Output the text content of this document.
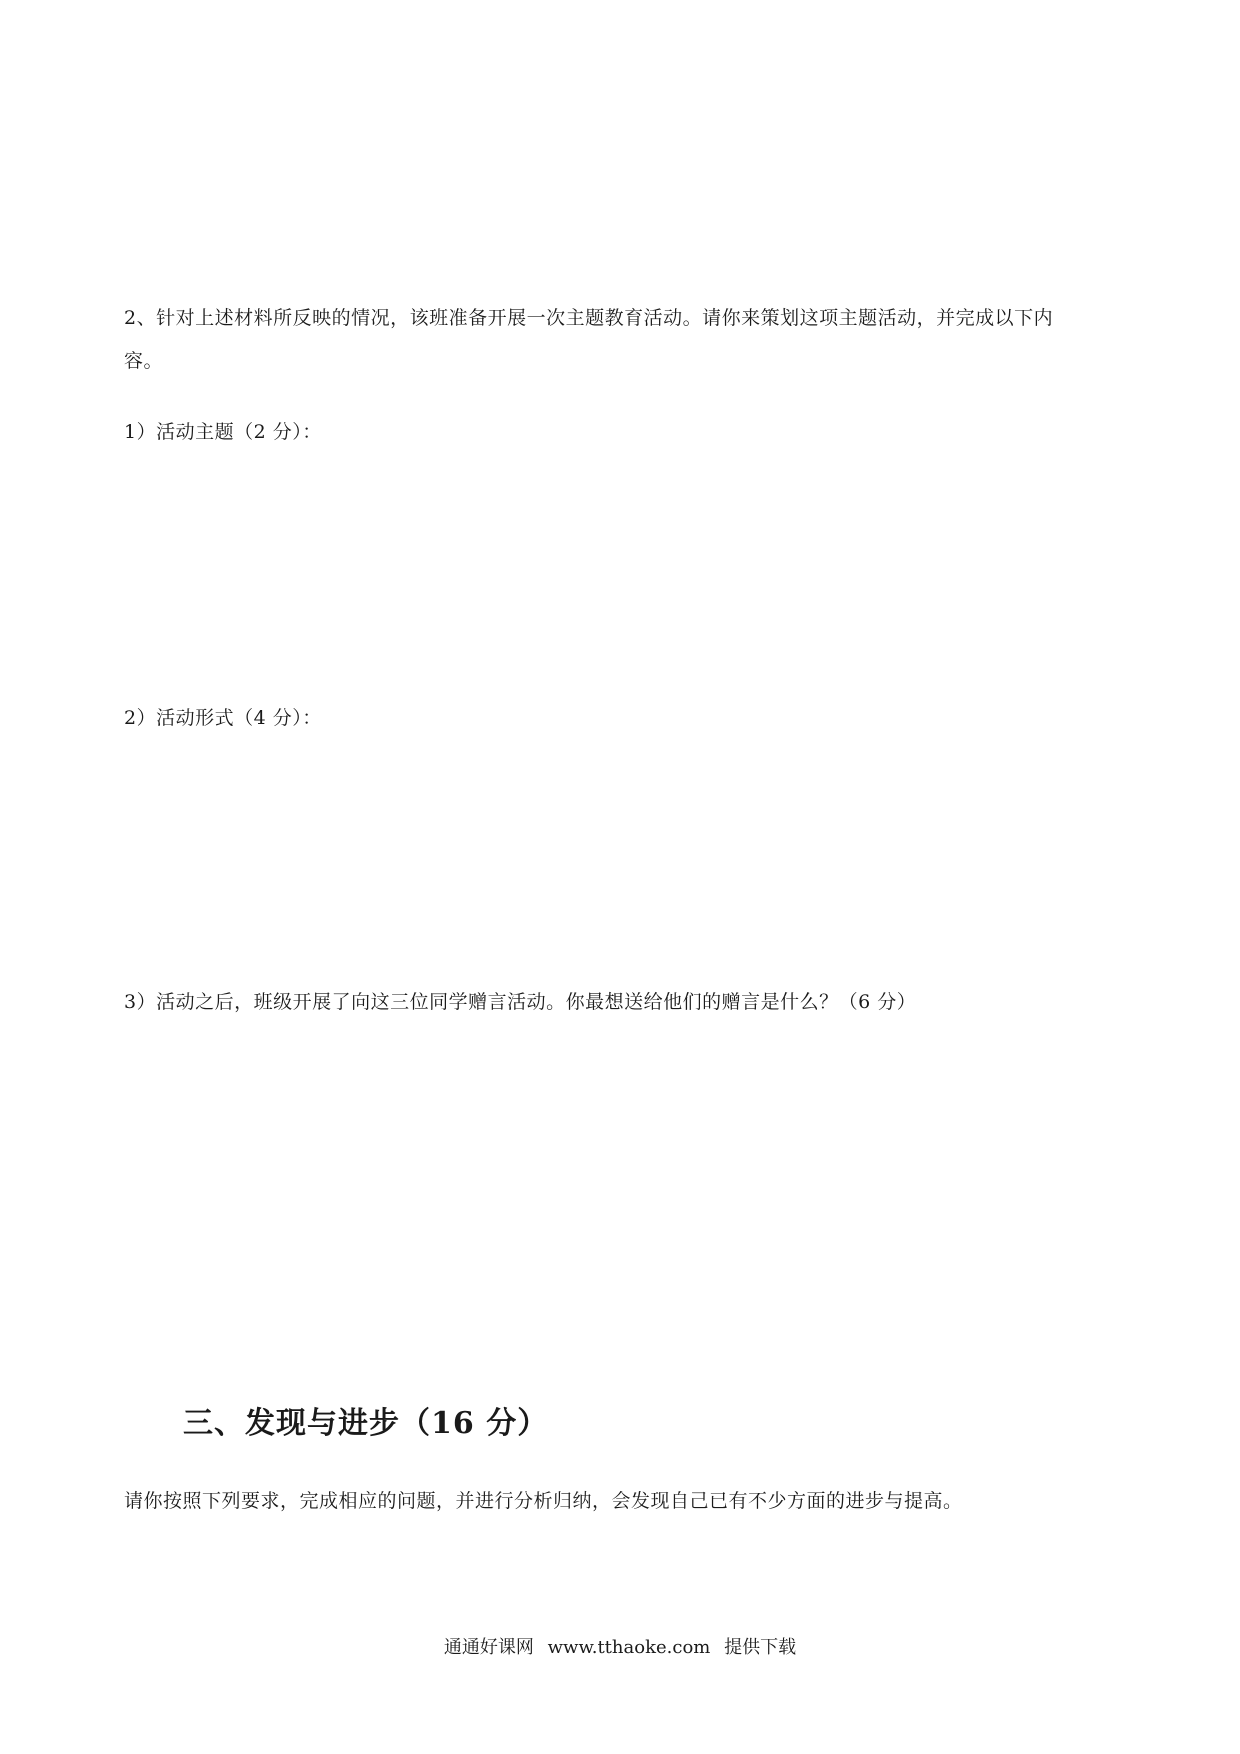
2、针对上述材料所反映的情况，该班准备开展一次主题教育活动。请你来策划这项主题活动，并完成以下内
容。
1）活动主题（2 分）：
2）活动形式（4 分）：
3）活动之后，班级开展了向这三位同学赠言活动。你最想送给他们的赠言是什么？（6 分）
三、发现与进步（16 分）
请你按照下列要求，完成相应的问题，并进行分析归纳，会发现自己已有不少方面的进步与提高。
通通好课网 www.tthaoke.com 提供下载
